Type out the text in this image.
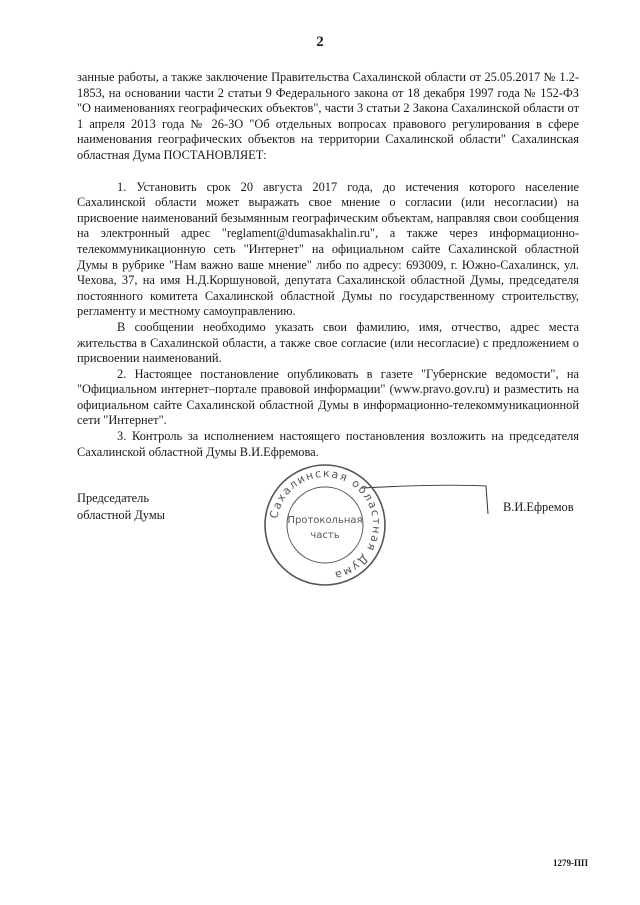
2

занные работы, а также заключение Правительства Сахалинской области от 25.05.2017 № 1.2-1853, на основании части 2 статьи 9 Федерального закона от 18 декабря 1997 года № 152-ФЗ "О наименованиях географических объектов", части 3 статьи 2 Закона Сахалинской области от 1 апреля 2013 года № 26-ЗО "Об отдельных вопросах правового регулирования в сфере наименования географических объектов на территории Сахалинской области" Сахалинская областная Дума ПОСТАНОВЛЯЕТ:

1. Установить срок 20 августа 2017 года, до истечения которого население Сахалинской области может выражать свое мнение о согласии (или несогласии) на присвоение наименований безымянным географическим объектам, направляя свои сообщения на электронный адрес "reglament@dumasakhalin.ru", а также через информационно-телекоммуникационную сеть "Интернет" на официальном сайте Сахалинской областной Думы в рубрике "Нам важно ваше мнение" либо по адресу: 693009, г. Южно-Сахалинск, ул. Чехова, 37, на имя Н.Д.Коршуновой, депутата Сахалинской областной Думы, председателя постоянного комитета Сахалинской областной Думы по государственному строительству, регламенту и местному самоуправлению.

В сообщении необходимо указать свои фамилию, имя, отчество, адрес места жительства в Сахалинской области, а также свое согласие (или несогласие) с предложением о присвоении наименований.

2. Настоящее постановление опубликовать в газете "Губернские ведомости", на "Официальном интернет–портале правовой информации" (www.pravo.gov.ru) и разместить на официальном сайте Сахалинской областной Думы в информационно-телекоммуникационной сети "Интернет".

3. Контроль за исполнением настоящего постановления возложить на председателя Сахалинской областной Думы В.И.Ефремова.

Председатель
областной Думы	Сахалинская областная Дума
Протокольная
часть
В.И.Ефремов
1279-ПП
